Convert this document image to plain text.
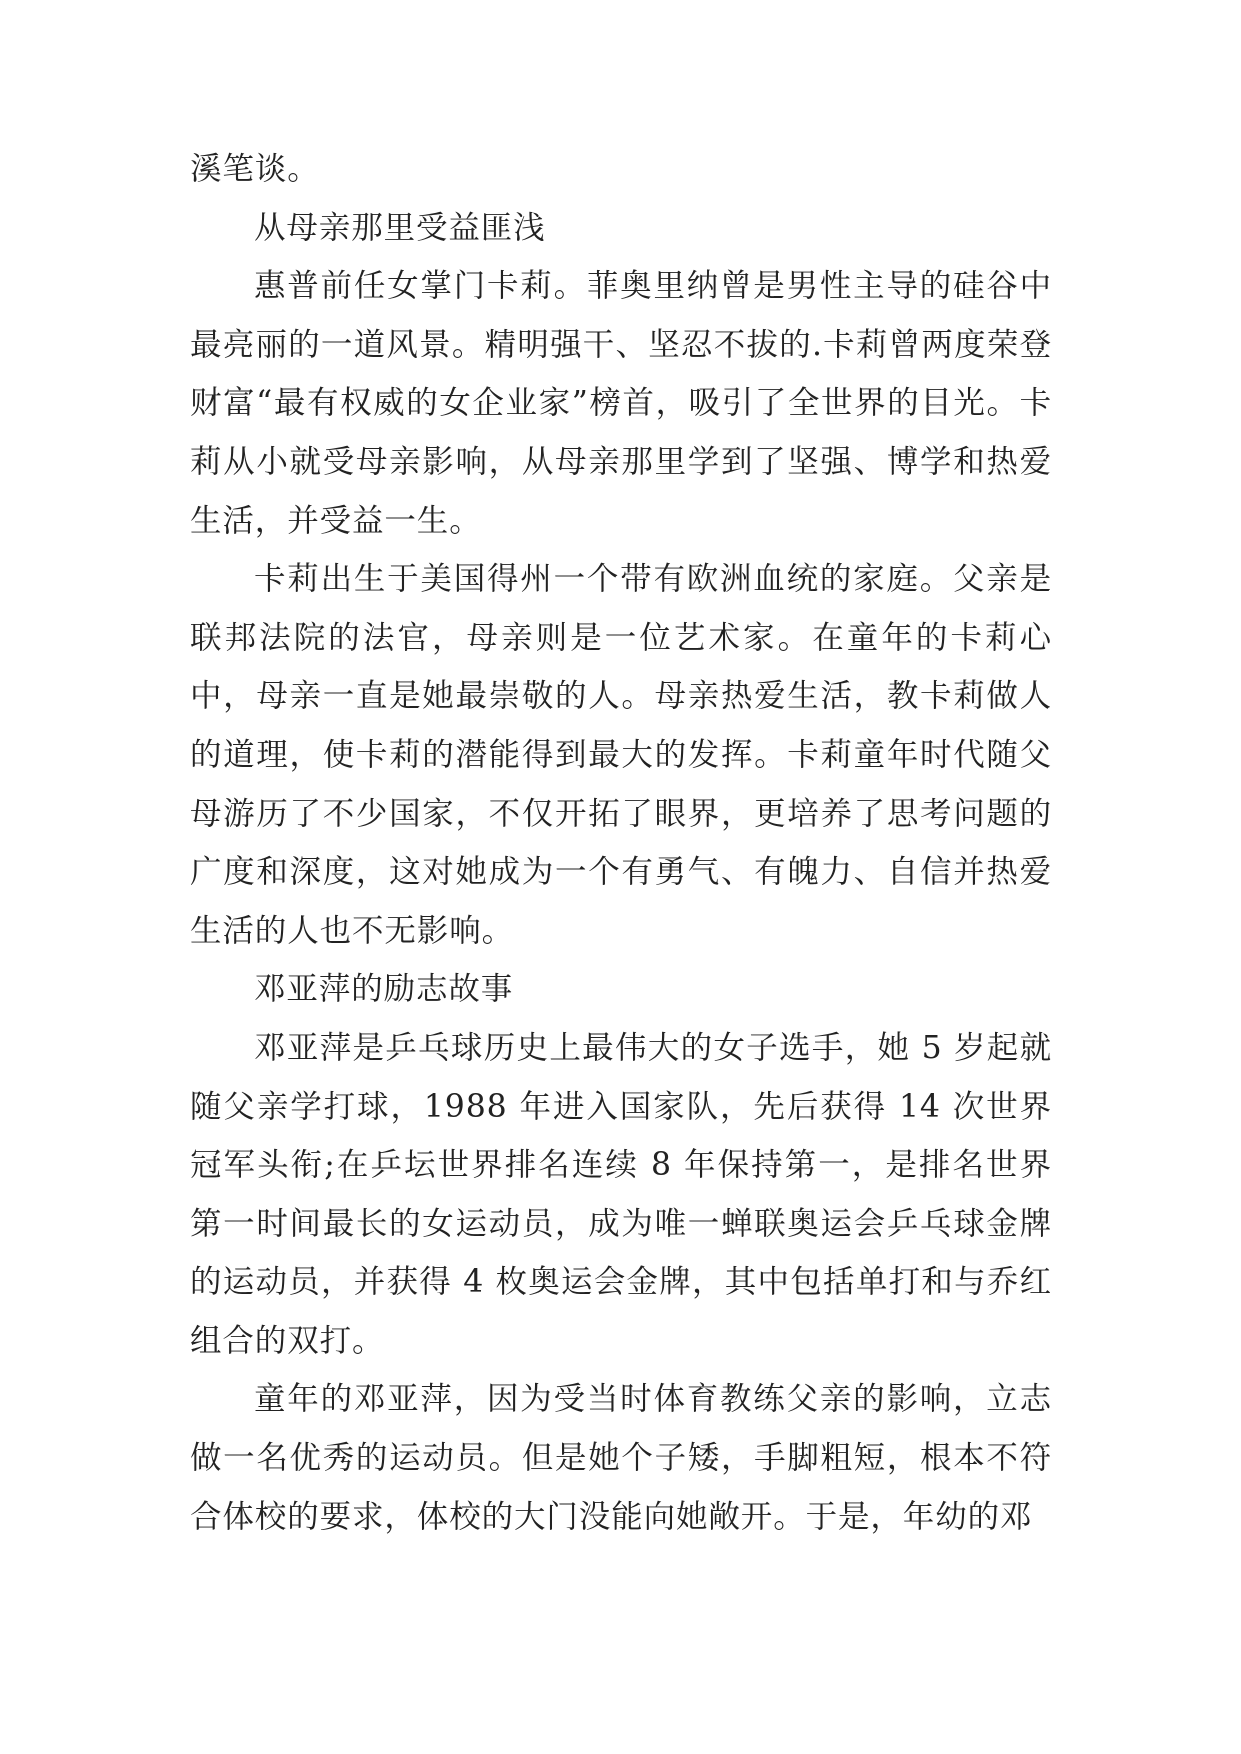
溪笔谈。

从母亲那里受益匪浅

惠普前任女掌门卡莉。菲奥里纳曾是男性主导的硅谷中最亮丽的一道风景。精明强干、坚忍不拔的.卡莉曾两度荣登财富“最有权威的女企业家”榜首，吸引了全世界的目光。卡莉从小就受母亲影响，从母亲那里学到了坚强、博学和热爱生活，并受益一生。

卡莉出生于美国得州一个带有欧洲血统的家庭。父亲是联邦法院的法官，母亲则是一位艺术家。在童年的卡莉心中，母亲一直是她最崇敬的人。母亲热爱生活，教卡莉做人的道理，使卡莉的潜能得到最大的发挥。卡莉童年时代随父母游历了不少国家，不仅开拓了眼界，更培养了思考问题的广度和深度，这对她成为一个有勇气、有魄力、自信并热爱生活的人也不无影响。

邓亚萍的励志故事

邓亚萍是乒乓球历史上最伟大的女子选手，她 5 岁起就随父亲学打球，1988 年进入国家队，先后获得 14 次世界冠军头衔;在乒坛世界排名连续 8 年保持第一，是排名世界第一时间最长的女运动员，成为唯一蝉联奥运会乒乓球金牌的运动员，并获得 4 枚奥运会金牌，其中包括单打和与乔红组合的双打。

童年的邓亚萍，因为受当时体育教练父亲的影响，立志做一名优秀的运动员。但是她个子矮，手脚粗短，根本不符合体校的要求，体校的大门没能向她敞开。于是，年幼的邓
